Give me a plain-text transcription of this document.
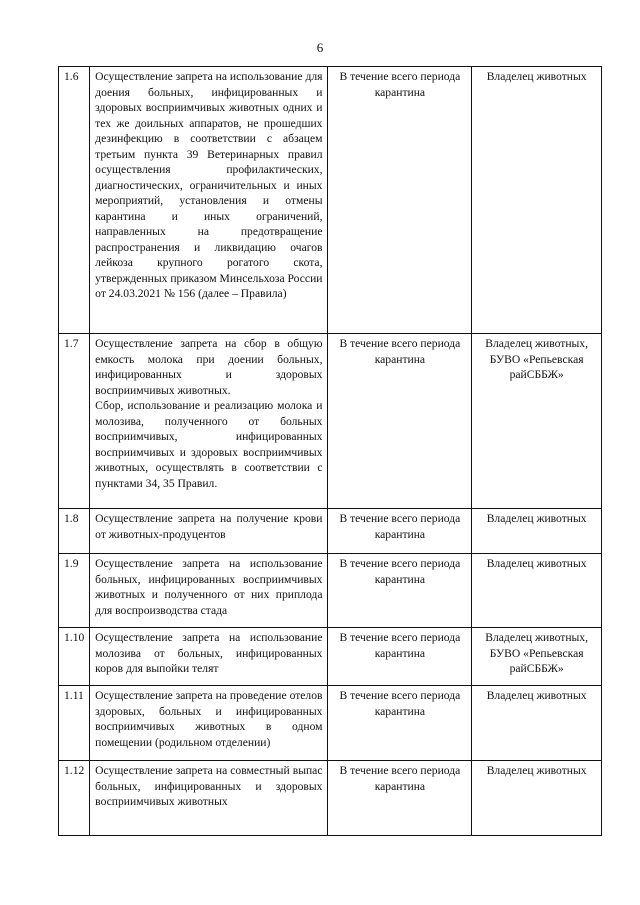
6
1.6	Осуществление запрета на использование для доения больных, инфицированных и здоровых восприимчивых животных одних и тех же доильных аппаратов, не прошедших дезинфекцию в соответствии с абзацем третьим пункта 39 Ветеринарных правил осуществления профилактических, диагностических, ограничительных и иных мероприятий, установления и отмены карантина и иных ограничений, направленных на предотвращение распространения и ликвидацию очагов лейкоза крупного рогатого скота, утвержденных приказом Минсельхоза России от 24.03.2021 № 156 (далее – Правила)	В течение всего периода карантина	Владелец животных
1.7	Осуществление запрета на сбор в общую емкость молока при доении больных, инфицированных и здоровых восприимчивых животных.
Сбор, использование и реализацию молока и молозива, полученного от больных восприимчивых, инфицированных восприимчивых и здоровых восприимчивых животных, осуществлять в соответствии с пунктами 34, 35 Правил.	В течение всего периода карантина	Владелец животных, БУВО «Репьевская райСББЖ»
1.8	Осуществление запрета на получение крови от животных-продуцентов	В течение всего периода карантина	Владелец животных
1.9	Осуществление запрета на использование больных, инфицированных восприимчивых животных и полученного от них приплода для воспроизводства стада	В течение всего периода карантина	Владелец животных
1.10	Осуществление запрета на использование молозива от больных, инфицированных коров для выпойки телят	В течение всего периода карантина	Владелец животных, БУВО «Репьевская райСББЖ»
1.11	Осуществление запрета на проведение отелов здоровых, больных и инфицированных восприимчивых животных в одном помещении (родильном отделении)	В течение всего периода карантина	Владелец животных
1.12	Осуществление запрета на совместный выпас больных, инфицированных и здоровых восприимчивых животных	В течение всего периода карантина	Владелец животных
